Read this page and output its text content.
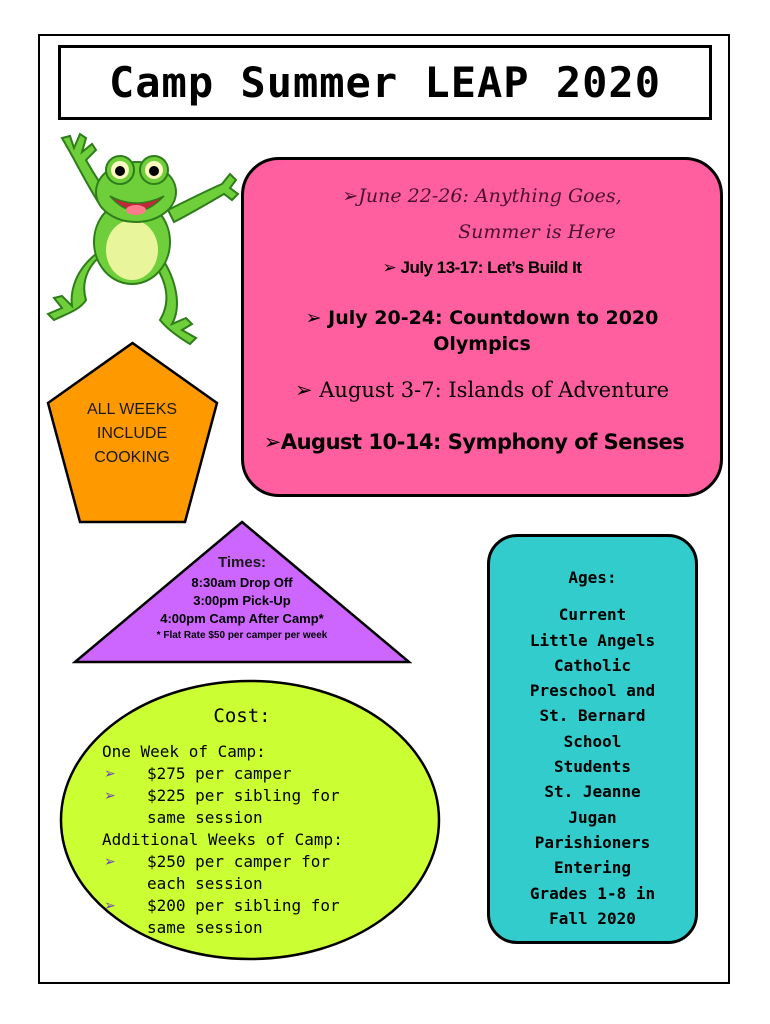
Camp Summer LEAP 2020
ALL WEEKS
INCLUDE
COOKING
➢June 22-26: Anything Goes,
Summer is Here
➢ July 13-17: Let’s Build It
➢ July 20-24: Countdown to 2020
Olympics
➢ August 3-7: Islands of Adventure
➢August 10-14: Symphony of Senses
Times:
8:30am Drop Off
3:00pm Pick-Up
4:00pm Camp After Camp*
* Flat Rate $50 per camper per week
Cost:
One Week of Camp:
➢	$275 per camper
➢	$225 per sibling for
same session
Additional Weeks of Camp:
➢	$250 per camper for
each session
➢	$200 per sibling for
same session
Ages:
Current
Little Angels
Catholic
Preschool and
St. Bernard
School
Students
St. Jeanne
Jugan
Parishioners
Entering
Grades 1-8 in
Fall 2020
